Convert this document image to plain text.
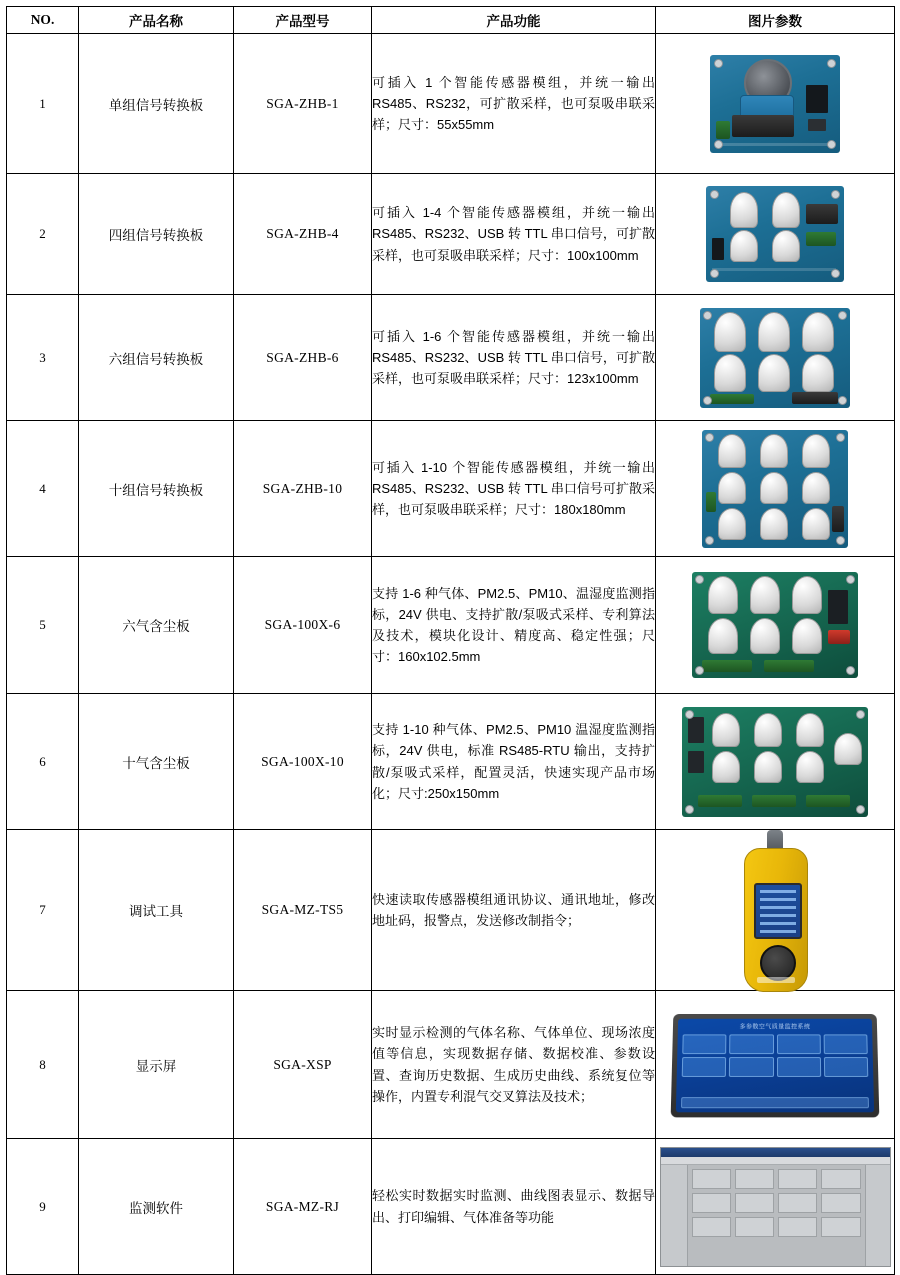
NO.	产品名称	产品型号	产品功能	图片参数
1	单组信号转换板	SGA-ZHB-1	可插入 1 个智能传感器模组，并统一输出 RS485、RS232，可扩散采样，也可泵吸串联采样；尺寸：55x55mm	

2	四组信号转换板	SGA-ZHB-4	可插入 1-4 个智能传感器模组，并统一输出 RS485、RS232、USB 转 TTL 串口信号，可扩散采样，也可泵吸串联采样；尺寸：100x100mm	

3	六组信号转换板	SGA-ZHB-6	可插入 1-6 个智能传感器模组，并统一输出 RS485、RS232、USB 转 TTL 串口信号，可扩散采样，也可泵吸串联采样；尺寸：123x100mm	

4	十组信号转换板	SGA-ZHB-10	可插入 1-10 个智能传感器模组，并统一输出 RS485、RS232、USB 转 TTL 串口信号可扩散采样，也可泵吸串联采样；尺寸：180x180mm	

5	六气含尘板	SGA-100X-6	支持 1-6 种气体、PM2.5、PM10、温湿度监测指标，24V 供电、支持扩散/泵吸式采样、专利算法及技术，模块化设计、精度高、稳定性强；尺寸：160x102.5mm	

6	十气含尘板	SGA-100X-10	支持 1-10 种气体、PM2.5、PM10 温湿度监测指标，24V 供电，标准 RS485-RTU 输出，支持扩散/泵吸式采样，配置灵活，快速实现产品市场化；尺寸:250x150mm	

7	调试工具	SGA-MZ-TS5	快速读取传感器模组通讯协议、通讯地址，修改地址码，报警点，发送修改制指令；	

8	显示屏	SGA-XSP	实时显示检测的气体名称、气体单位、现场浓度值等信息，实现数据存储、数据校准、参数设置、查询历史数据、生成历史曲线、系统复位等操作，内置专利混气交叉算法及技术；	多参数空气质量监控系统

9	监测软件	SGA-MZ-RJ	轻松实时数据实时监测、曲线图表显示、数据导出、打印编辑、气体准备等功能	
